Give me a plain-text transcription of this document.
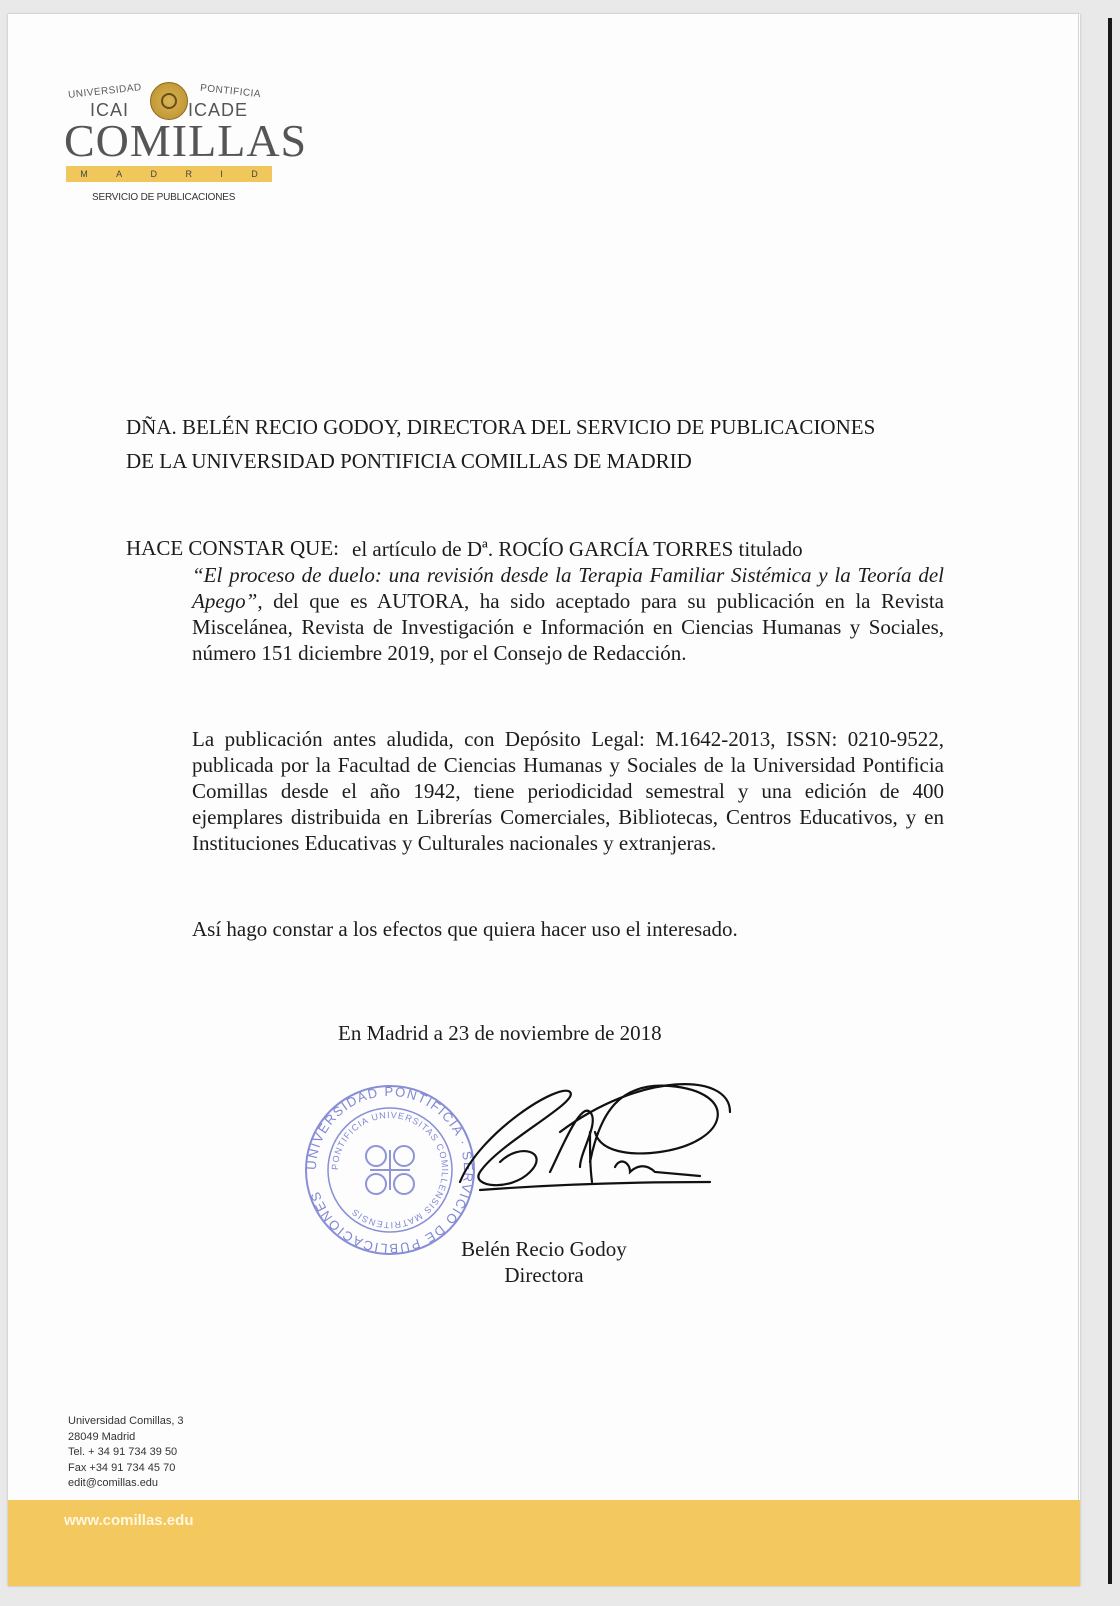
UNIVERSIDAD	PONTIFICIA
ICAI	ICADE
COMILLAS
M	A	D	R	I	D
SERVICIO DE PUBLICACIONES
DÑA. BELÉN RECIO GODOY, DIRECTORA DEL SERVICIO DE PUBLICACIONES
DE LA UNIVERSIDAD PONTIFICIA COMILLAS DE MADRID
HACE CONSTAR QUE: el artículo de Dª. ROCÍO GARCÍA TORRES titulado
“El proceso de duelo: una revisión desde la Terapia Familiar Sistémica y la Teoría del Apego”, del que es AUTORA, ha sido aceptado para su publicación en la Revista Miscelánea, Revista de Investigación e Información en Ciencias Humanas y Sociales, número 151 diciembre 2019, por el Consejo de Redacción.
La publicación antes aludida, con Depósito Legal: M.1642-2013, ISSN: 0210-9522, publicada por la Facultad de Ciencias Humanas y Sociales de la Universidad Pontificia Comillas desde el año 1942, tiene periodicidad semestral y una edición de 400 ejemplares distribuida en Librerías Comerciales, Bibliotecas, Centros Educativos, y en Instituciones Educativas y Culturales nacionales y extranjeras.
Así hago constar a los efectos que quiera hacer uso el interesado.
En Madrid a 23 de noviembre de 2018
UNIVERSIDAD PONTIFICIA · SERVICIO DE PUBLICACIONES
PONTIFICIA UNIVERSITAS COMILLENSIS MATRITENSIS
Belén Recio Godoy
Directora
Universidad Comillas, 3
28049 Madrid
Tel. + 34 91 734 39 50
Fax +34 91 734 45 70
edit@comillas.edu
www.comillas.edu
